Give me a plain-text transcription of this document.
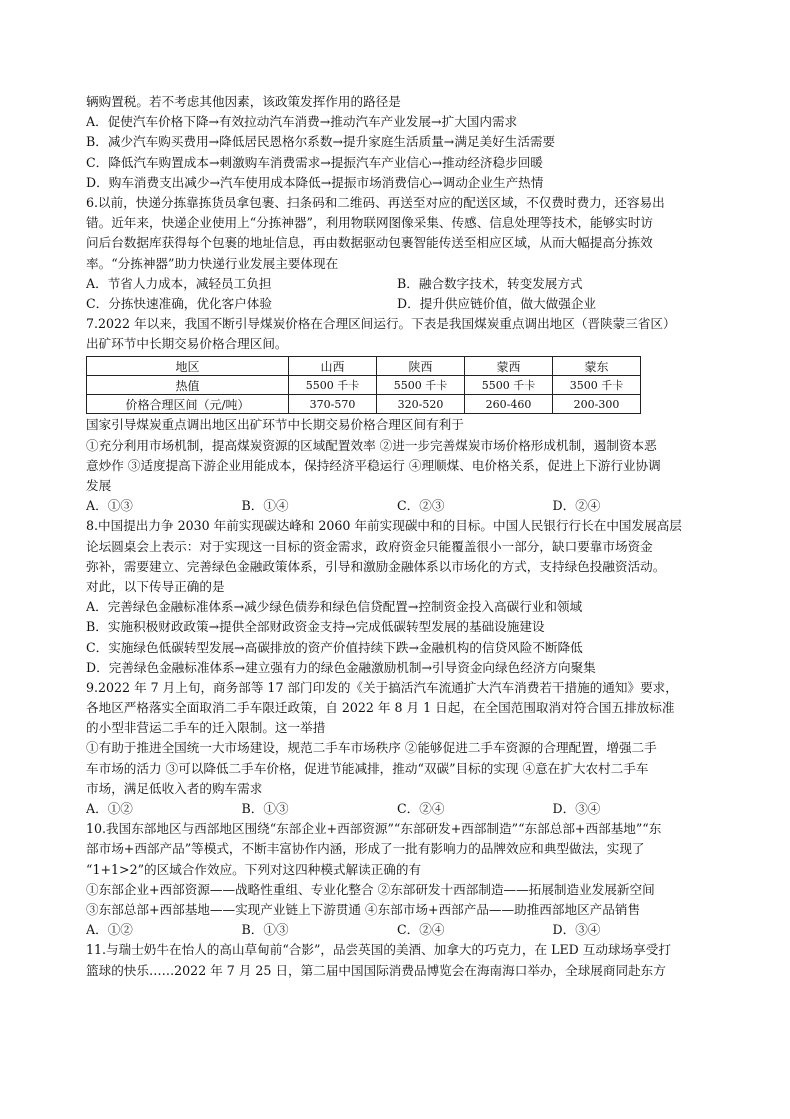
辆购置税。若不考虑其他因素，该政策发挥作用的路径是
A．促使汽车价格下降→有效拉动汽车消费→推动汽车产业发展→扩大国内需求
B．减少汽车购买费用→降低居民恩格尔系数→提升家庭生活质量→满足美好生活需要
C．降低汽车购置成本→刺激购车消费需求→提振汽车产业信心→推动经济稳步回暖
D．购车消费支出减少→汽车使用成本降低→提振市场消费信心→调动企业生产热情
6.以前，快递分拣靠拣货员拿包裹、扫条码和二维码、再送至对应的配送区域，不仅费时费力，还容易出
错。近年来，快递企业使用上“分拣神器”，利用物联网图像采集、传感、信息处理等技术，能够实时访
问后台数据库获得每个包裹的地址信息，再由数据驱动包裹智能传送至相应区域，从而大幅提高分拣效
率。“分拣神器”助力快递行业发展主要体现在
A．节省人力成本，减轻员工负担	B．融合数字技术，转变发展方式
C．分拣快速准确，优化客户体验	D．提升供应链价值，做大做强企业
7.2022 年以来，我国不断引导煤炭价格在合理区间运行。下表是我国煤炭重点调出地区（晋陕蒙三省区）
出矿环节中长期交易价格合理区间。
地区	山西	陕西	蒙西	蒙东
热值	5500 千卡	5500 千卡	5500 千卡	3500 千卡
价格合理区间（元/吨）	370-570	320-520	260-460	200-300
国家引导煤炭重点调出地区出矿环节中长期交易价格合理区间有利于
①充分利用市场机制，提高煤炭资源的区域配置效率 ②进一步完善煤炭市场价格形成机制，遏制资本恶
意炒作 ③适度提高下游企业用能成本，保持经济平稳运行 ④理顺煤、电价格关系，促进上下游行业协调
发展
A．①③	B．①④	C．②③	D．②④
8.中国提出力争 2030 年前实现碳达峰和 2060 年前实现碳中和的目标。中国人民银行行长在中国发展高层
论坛圆桌会上表示：对于实现这一目标的资金需求，政府资金只能覆盖很小一部分，缺口要靠市场资金
弥补，需要建立、完善绿色金融政策体系，引导和激励金融体系以市场化的方式，支持绿色投融资活动。
对此，以下传导正确的是
A．完善绿色金融标准体系→减少绿色债券和绿色信贷配置→控制资金投入高碳行业和领域
B．实施积极财政政策→提供全部财政资金支持→完成低碳转型发展的基础设施建设
C．实施绿色低碳转型发展→高碳排放的资产价值持续下跌→金融机构的信贷风险不断降低
D．完善绿色金融标准体系→建立强有力的绿色金融激励机制→引导资金向绿色经济方向聚集
9.2022 年 7 月上旬，商务部等 17 部门印发的《关于搞活汽车流通扩大汽车消费若干措施的通知》要求，
各地区严格落实全面取消二手车限迁政策，自 2022 年 8 月 1 日起，在全国范围取消对符合国五排放标准
的小型非营运二手车的迁入限制。这一举措
①有助于推进全国统一大市场建设，规范二手车市场秩序 ②能够促进二手车资源的合理配置，增强二手
车市场的活力 ③可以降低二手车价格，促进节能减排，推动“双碳”目标的实现 ④意在扩大农村二手车
市场，满足低收入者的购车需求
A．①②	B．①③	C．②④	D．③④
10.我国东部地区与西部地区围绕“东部企业+西部资源”“东部研发+西部制造”“东部总部+西部基地”“东
部市场+西部产品”等模式，不断丰富协作内涵，形成了一批有影响力的品牌效应和典型做法，实现了
“1+1>2”的区域合作效应。下列对这四种模式解读正确的有
①东部企业+西部资源——战略性重组、专业化整合 ②东部研发十西部制造——拓展制造业发展新空间
③东部总部+西部基地——实现产业链上下游贯通 ④东部市场+西部产品——助推西部地区产品销售
A．①②	B．①③	C．②④	D．③④
11.与瑞士奶牛在怡人的高山草甸前“合影”，品尝英国的美酒、加拿大的巧克力，在 LED 互动球场享受打
篮球的快乐……2022 年 7 月 25 日，第二届中国国际消费品博览会在海南海口举办，全球展商同赴东方
